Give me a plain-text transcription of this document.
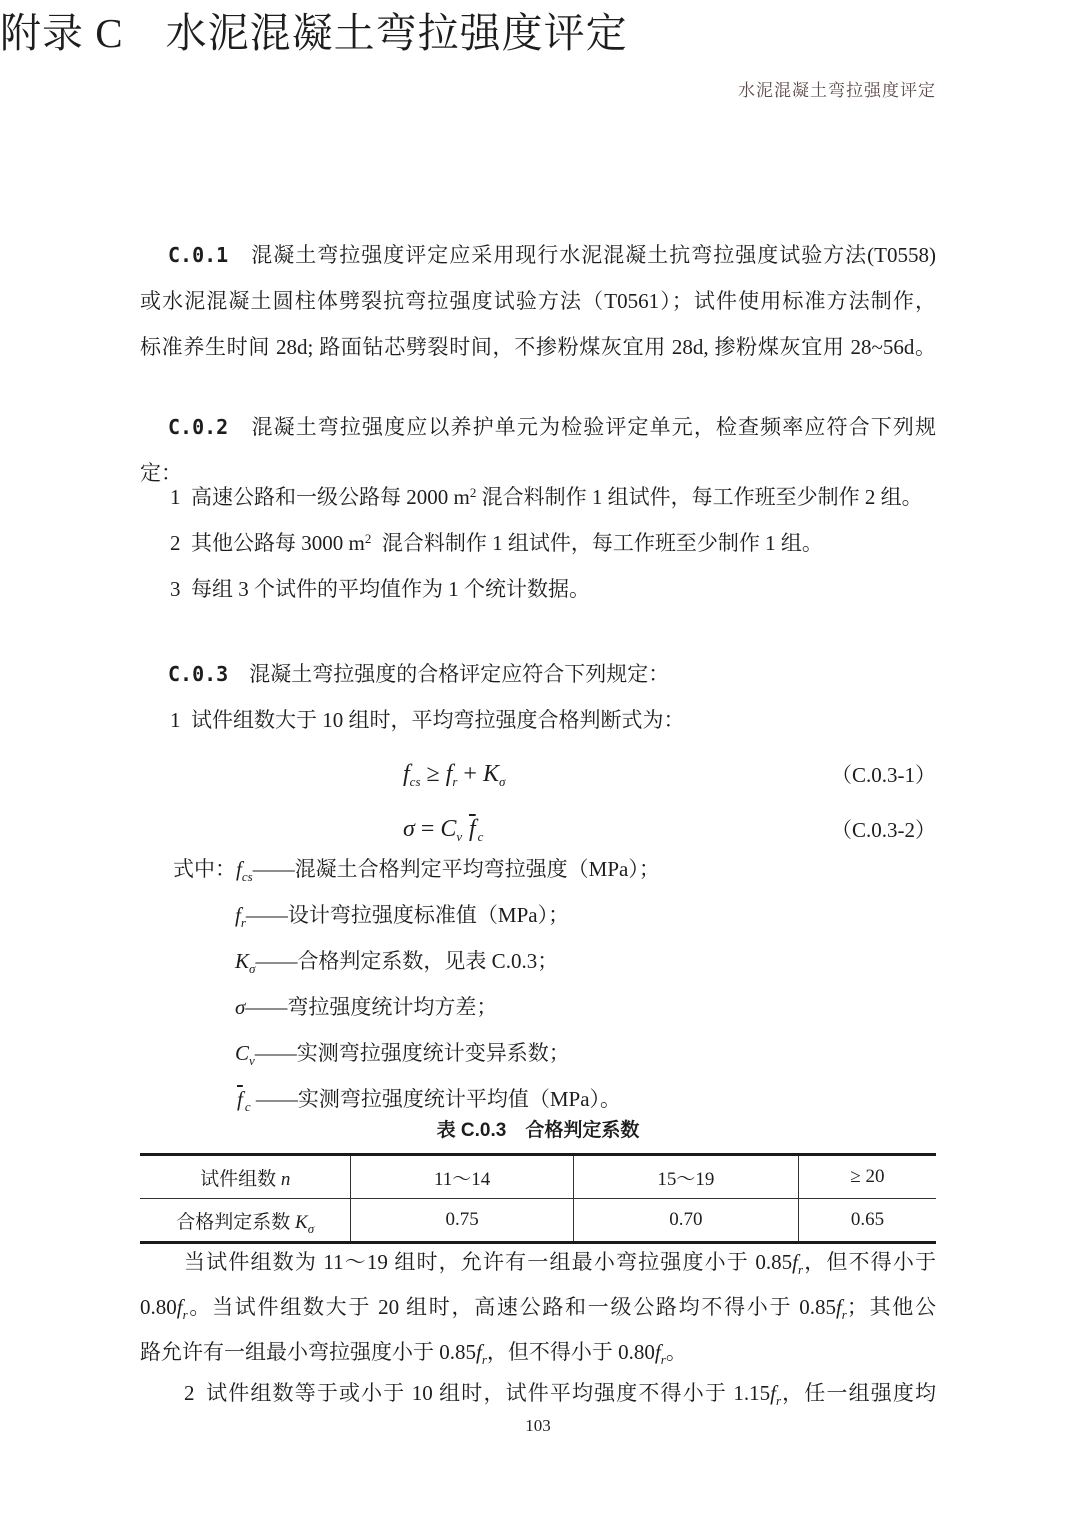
水泥混凝土弯拉强度评定
附录 C　水泥混凝土弯拉强度评定
C.0.1　混凝土弯拉强度评定应采用现行水泥混凝土抗弯拉强度试验方法(T0558)
或水泥混凝土圆柱体劈裂抗弯拉强度试验方法（T0561）；试件使用标准方法制作，
标准养生时间 28d; 路面钻芯劈裂时间，不掺粉煤灰宜用 28d, 掺粉煤灰宜用 28~56d。
C.0.2　混凝土弯拉强度应以养护单元为检验评定单元，检查频率应符合下列规
定：
1 高速公路和一级公路每 2000 $m^2$ 混合料制作 1 组试件，每工作班至少制作 2 组。
2 其他公路每 3000 $m^2$ 混合料制作 1 组试件，每工作班至少制作 1 组。
3 每组 3 个试件的平均值作为 1 个统计数据。
C.0.3　混凝土弯拉强度的合格评定应符合下列规定：
1 试件组数大于 10 组时，平均弯拉强度合格判断式为：
$f_{cs} \ge f_r + K_\sigma$	（C.0.3-1）
$\sigma = C_v$  $\overline{f}$ $_c$	（C.0.3-2）
式中：$f_{cs}——$混凝土合格判定平均弯拉强度（MPa）；
$f_r——$设计弯拉强度标准值（MPa）；
$K_\sigma——$合格判定系数，见表 C.0.3；
σ——弯拉强度统计均方差；
$C_v——$实测弯拉强度统计变异系数；
$\overline{f}$ $_c$ ——实测弯拉强度统计平均值（MPa）。
表 C.0.3　合格判定系数
试件组数 n	11～14	15～19	≥ 20
合格判定系数 $K_\sigma$	0.75	0.70	0.65
当试件组数为 11～19 组时，允许有一组最小弯拉强度小于 $0.85f_r$，但不得小于
$0.80f_r$。当试件组数大于 20 组时，高速公路和一级公路均不得小于 $0.85f_r$；其他公
路允许有一组最小弯拉强度小于 $0.85f_r$，但不得小于 $0.80f_r$。
2 试件组数等于或小于 10 组时，试件平均强度不得小于 $1.15f_r$，任一组强度均
103
